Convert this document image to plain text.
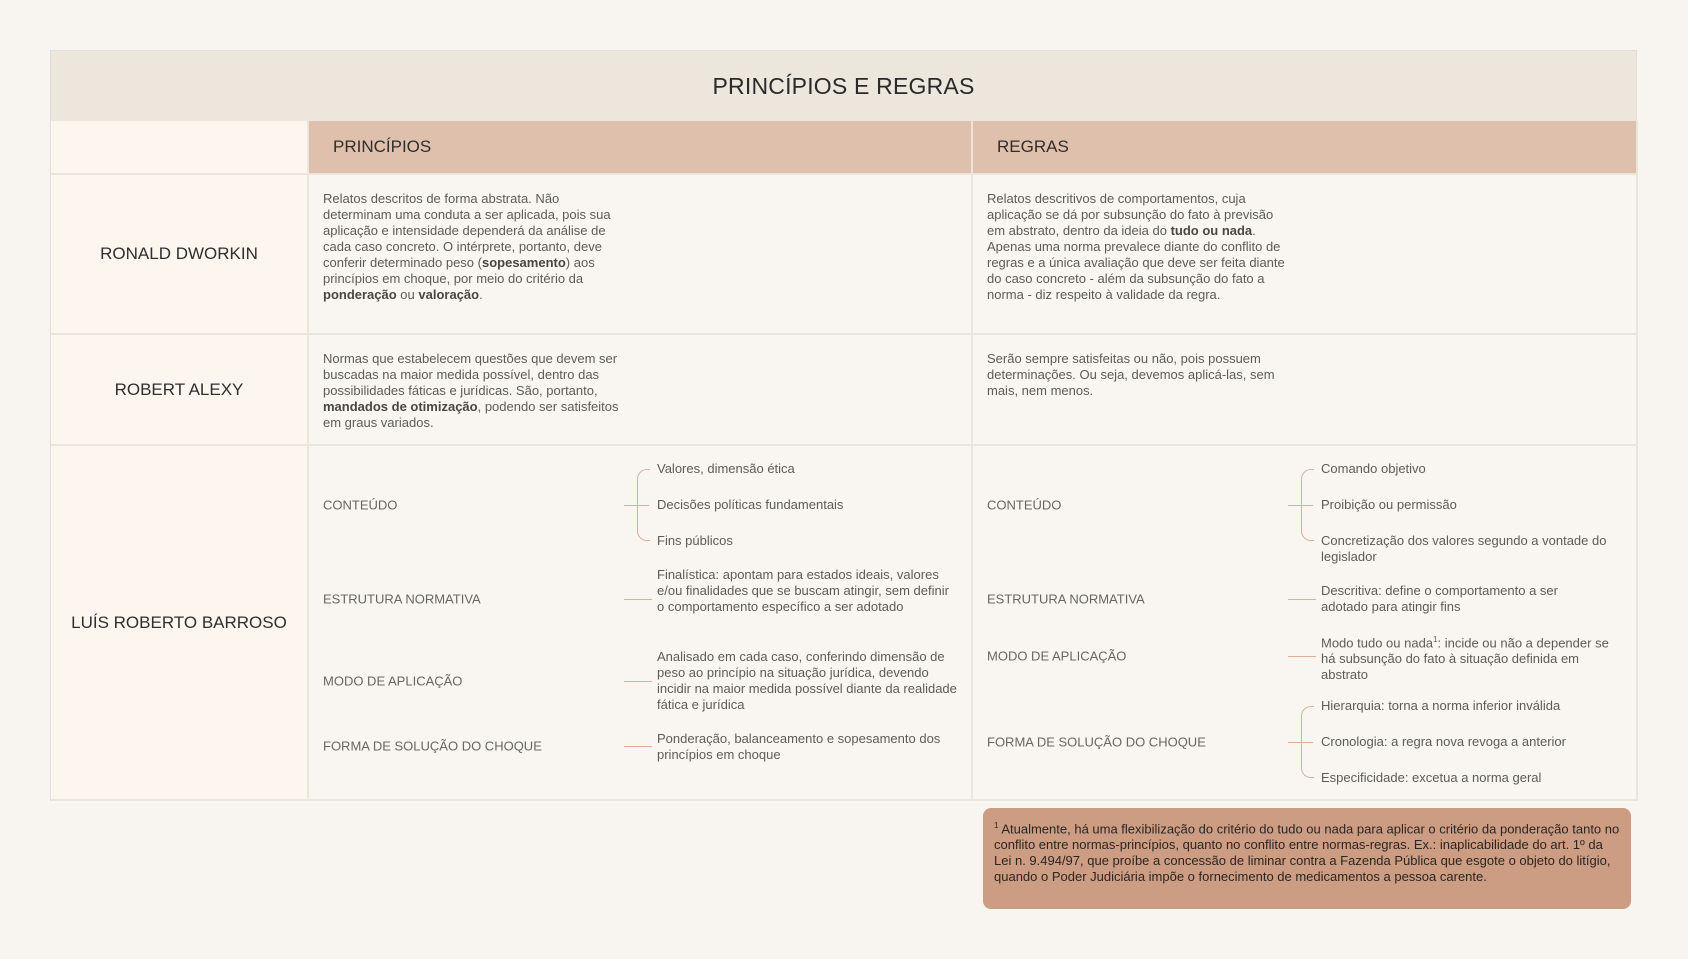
PRINCÍPIOS E REGRAS
PRINCÍPIOS	REGRAS
RONALD DWORKIN
Relatos descritos de forma abstrata. Não determinam uma conduta a ser aplicada, pois sua aplicação e intensidade dependerá da análise de cada caso concreto. O intérprete, portanto, deve conferir determinado peso (sopesamento) aos princípios em choque, por meio do critério da ponderação ou valoração.
Relatos descritivos de comportamentos, cuja aplicação se dá por subsunção do fato à previsão em abstrato, dentro da ideia do tudo ou nada. Apenas uma norma prevalece diante do conflito de regras e a única avaliação que deve ser feita diante do caso concreto - além da subsunção do fato a norma - diz respeito à validade da regra.
ROBERT ALEXY
Normas que estabelecem questões que devem ser buscadas na maior medida possível, dentro das possibilidades fáticas e jurídicas. São, portanto, mandados de otimização, podendo ser satisfeitos em graus variados.
Serão sempre satisfeitas ou não, pois possuem determinações. Ou seja, devemos aplicá-las, sem mais, nem menos.
LUÍS ROBERTO BARROSO
CONTEÚDO
Valores, dimensão ética
Decisões políticas fundamentais
Fins públicos
ESTRUTURA NORMATIVA
Finalística: apontam para estados ideais, valores e/ou finalidades que se buscam atingir, sem definir o comportamento específico a ser adotado
MODO DE APLICAÇÃO
Analisado em cada caso, conferindo dimensão de peso ao princípio na situação jurídica, devendo incidir na maior medida possível diante da realidade fática e jurídica
FORMA DE SOLUÇÃO DO CHOQUE	Ponderação, balanceamento e sopesamento dos princípios em choque
CONTEÚDO
Comando objetivo
Proibição ou permissão
Concretização dos valores segundo a vontade do legislador
ESTRUTURA NORMATIVA
Descritiva: define o comportamento a ser adotado para atingir fins
MODO DE APLICAÇÃO
Modo tudo ou nada$^1$: incide ou não a depender se há subsunção do fato à situação definida em abstrato
FORMA DE SOLUÇÃO DO CHOQUE
Hierarquia: torna a norma inferior inválida
Cronologia: a regra nova revoga a anterior
Especificidade: excetua a norma geral
$^1$ Atualmente, há uma flexibilização do critério do tudo ou nada para aplicar o critério da ponderação tanto no conflito entre normas-princípios, quanto no conflito entre normas-regras. Ex.: inaplicabilidade do art. 1º da Lei n. 9.494/97, que proíbe a concessão de liminar contra a Fazenda Pública que esgote o objeto do litígio, quando o Poder Judiciária impõe o fornecimento de medicamentos a pessoa carente.
